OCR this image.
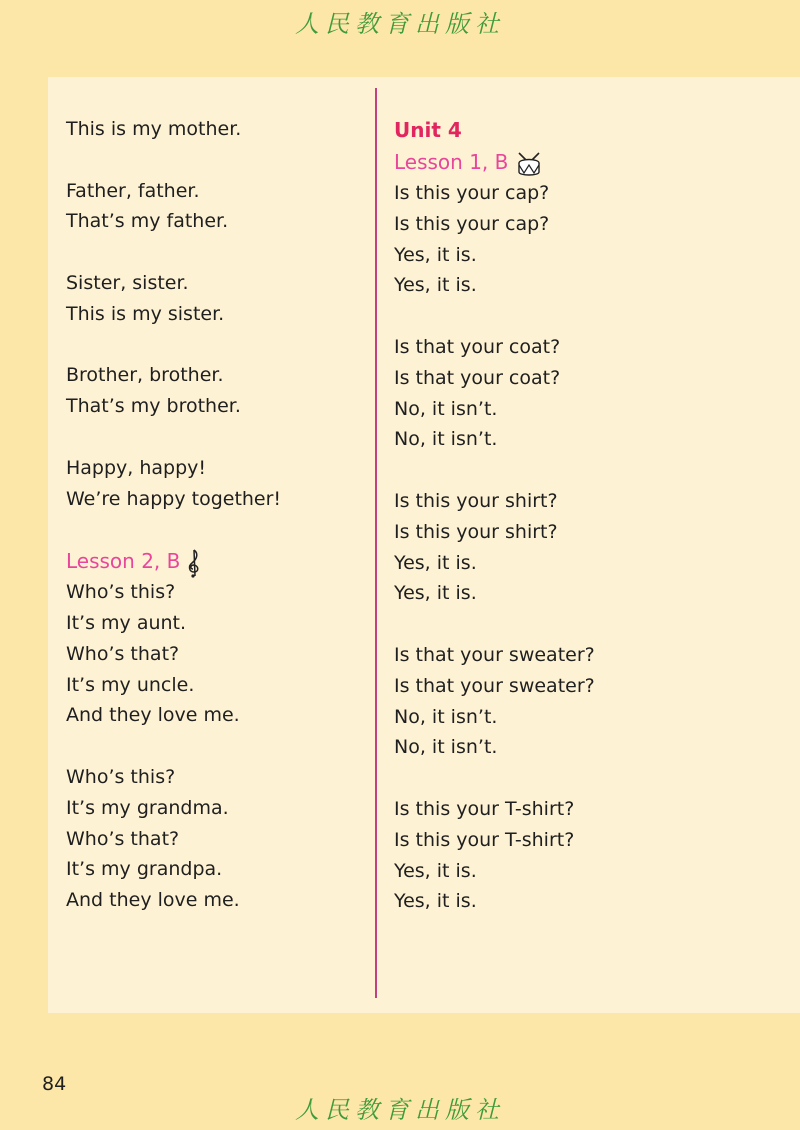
人民教育出版社
This is my mother.
Father, father.
That’s my father.
Sister, sister.
This is my sister.
Brother, brother.
That’s my brother.
Happy, happy!
We’re happy together!
Lesson 2, B
Who’s this?
It’s my aunt.
Who’s that?
It’s my uncle.
And they love me.
Who’s this?
It’s my grandma.
Who’s that?
It’s my grandpa.
And they love me.
Unit 4
Lesson 1, B
Is this your cap?
Is this your cap?
Yes, it is.
Yes, it is.
Is that your coat?
Is that your coat?
No, it isn’t.
No, it isn’t.
Is this your shirt?
Is this your shirt?
Yes, it is.
Yes, it is.
Is that your sweater?
Is that your sweater?
No, it isn’t.
No, it isn’t.
Is this your T-shirt?
Is this your T-shirt?
Yes, it is.
Yes, it is.
84
人民教育出版社
